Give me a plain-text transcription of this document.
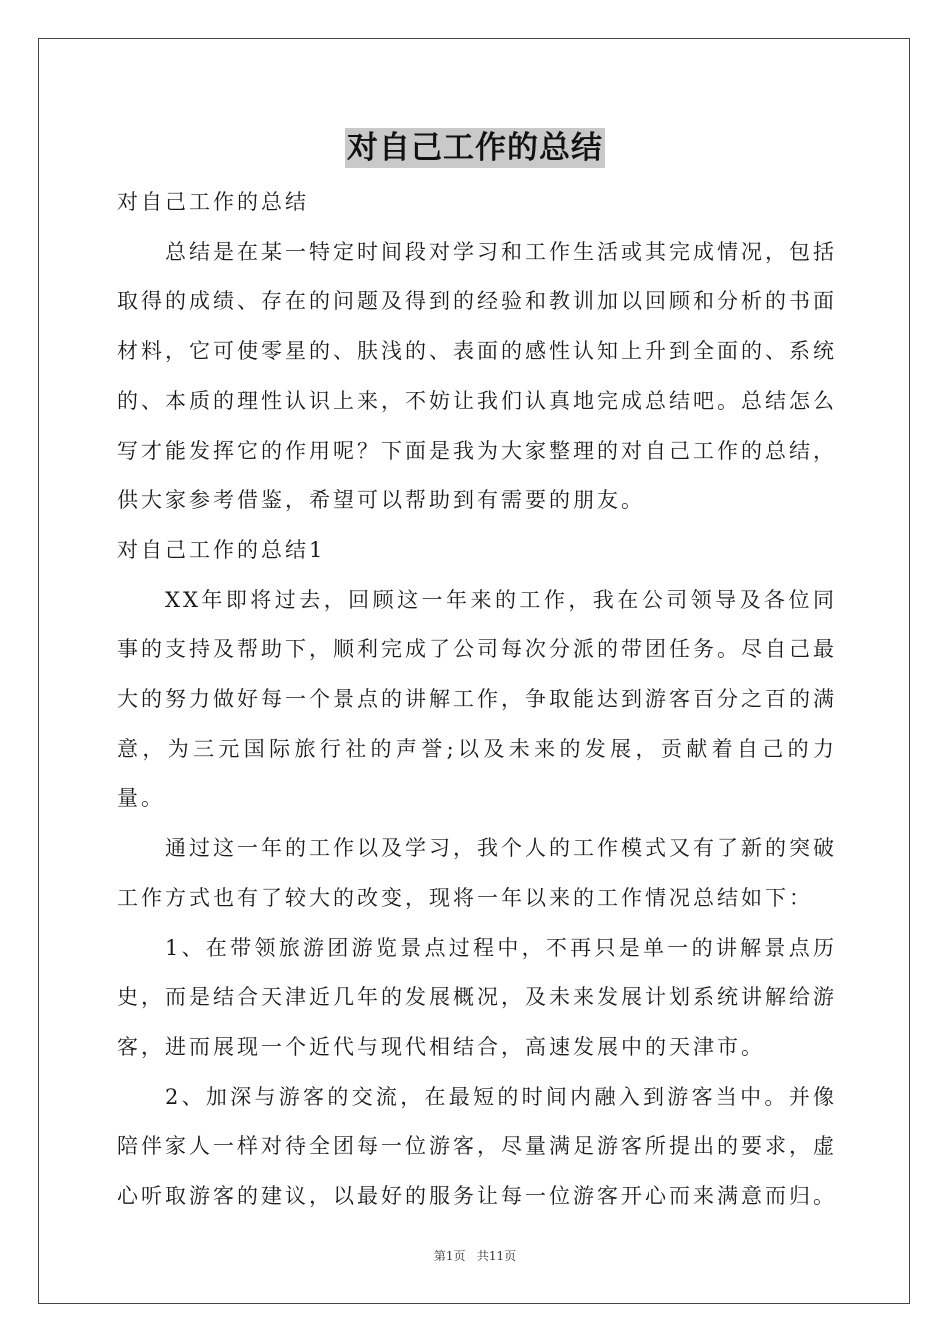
对自己工作的总结

对自己工作的总结

总结是在某一特定时间段对学习和工作生活或其完成情况，包括取得的成绩、存在的问题及得到的经验和教训加以回顾和分析的书面材料，它可使零星的、肤浅的、表面的感性认知上升到全面的、系统的、本质的理性认识上来，不妨让我们认真地完成总结吧。总结怎么写才能发挥它的作用呢？下面是我为大家整理的对自己工作的总结，供大家参考借鉴，希望可以帮助到有需要的朋友。

对自己工作的总结1

XX年即将过去，回顾这一年来的工作，我在公司领导及各位同事的支持及帮助下，顺利完成了公司每次分派的带团任务。尽自己最大的努力做好每一个景点的讲解工作，争取能达到游客百分之百的满意，为三元国际旅行社的声誉;以及未来的发展，贡献着自己的力量。

通过这一年的工作以及学习，我个人的工作模式又有了新的突破工作方式也有了较大的改变，现将一年以来的工作情况总结如下：

1、在带领旅游团游览景点过程中，不再只是单一的讲解景点历史，而是结合天津近几年的发展概况，及未来发展计划系统讲解给游客，进而展现一个近代与现代相结合，高速发展中的天津市。

2、加深与游客的交流，在最短的时间内融入到游客当中。并像陪伴家人一样对待全团每一位游客，尽量满足游客所提出的要求，虚心听取游客的建议，以最好的服务让每一位游客开心而来满意而归。

第1页   共11页
